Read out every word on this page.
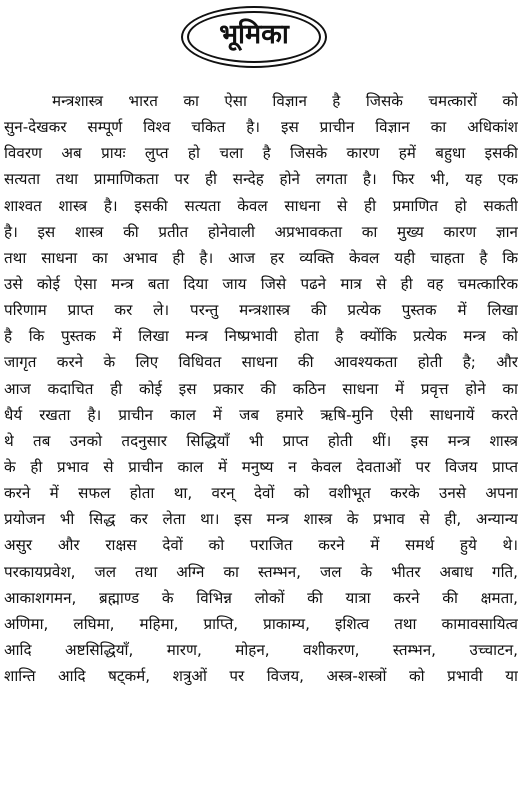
भूमिका
मन्त्रशास्त्र भारत का ऐसा विज्ञान है जिसके चमत्कारों को
सुन-देखकर सम्पूर्ण विश्व चकित है। इस प्राचीन विज्ञान का अधिकांश
विवरण अब प्रायः लुप्त हो चला है जिसके कारण हमें बहुधा इसकी
सत्यता तथा प्रामाणिकता पर ही सन्देह होने लगता है। फिर भी, यह एक
शाश्वत शास्त्र है। इसकी सत्यता केवल साधना से ही प्रमाणित हो सकती
है। इस शास्त्र की प्रतीत होनेवाली अप्रभावकता का मुख्य कारण ज्ञान
तथा साधना का अभाव ही है। आज हर व्यक्ति केवल यही चाहता है कि
उसे कोई ऐसा मन्त्र बता दिया जाय जिसे पढने मात्र से ही वह चमत्कारिक
परिणाम प्राप्त कर ले। परन्तु मन्त्रशास्त्र की प्रत्येक पुस्तक में लिखा
है कि पुस्तक में लिखा मन्त्र निष्प्रभावी होता है क्योंकि प्रत्येक मन्त्र को
जागृत करने के लिए विधिवत साधना की आवश्यकता होती है; और
आज कदाचित ही कोई इस प्रकार की कठिन साधना में प्रवृत्त होने का
धैर्य रखता है। प्राचीन काल में जब हमारे ऋषि-मुनि ऐसी साधनायें करते
थे तब उनको तदनुसार सिद्धियाँ भी प्राप्त होती थीं। इस मन्त्र शास्त्र
के ही प्रभाव से प्राचीन काल में मनुष्य न केवल देवताओं पर विजय प्राप्त
करने में सफल होता था, वरन् देवों को वशीभूत करके उनसे अपना
प्रयोजन भी सिद्ध कर लेता था। इस मन्त्र शास्त्र के प्रभाव से ही, अन्यान्य
असुर और राक्षस देवों को पराजित करने में समर्थ हुये थे।
परकायप्रवेश, जल तथा अग्नि का स्तम्भन, जल के भीतर अबाध गति,
आकाशगमन, ब्रह्माण्ड के विभिन्न लोकों की यात्रा करने की क्षमता,
अणिमा, लघिमा, महिमा, प्राप्ति, प्राकाम्य, इशित्व तथा कामावसायित्व
आदि अष्टसिद्धियाँ, मारण, मोहन, वशीकरण, स्तम्भन, उच्चाटन,
शान्ति आदि षट्कर्म, शत्रुओं पर विजय, अस्त्र-शस्त्रों को प्रभावी या
